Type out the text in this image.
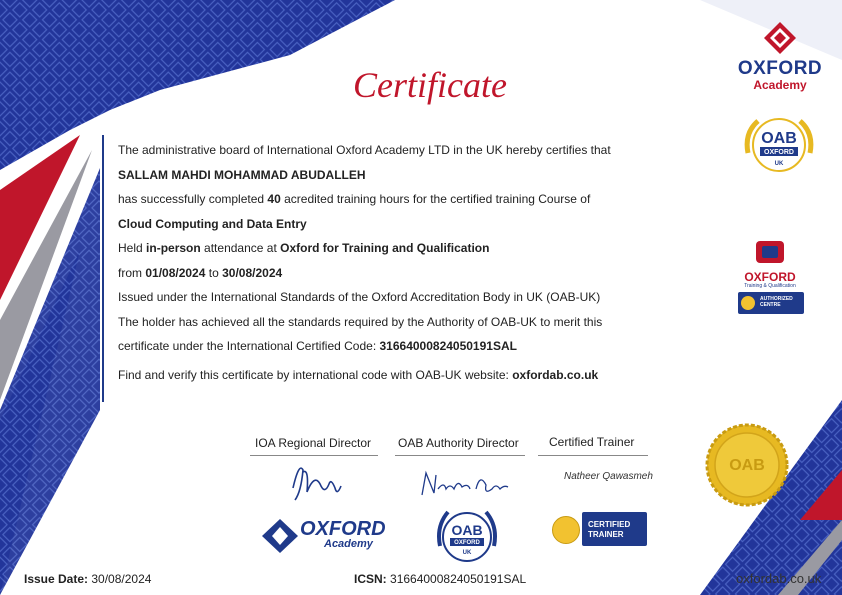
Certificate
The administrative board of International Oxford Academy LTD in the UK hereby certifies that
SALLAM MAHDI MOHAMMAD ABUDALLEH
has successfully completed 40 acredited training hours for the certified training Course of
Cloud Computing and Data Entry
Held in-person attendance at Oxford for Training and Qualification
from 01/08/2024 to 30/08/2024
Issued under the International Standards of the Oxford Accreditation Body in UK (OAB-UK)
The holder has achieved all the standards required by the Authority of OAB-UK to merit this
certificate under the International Certified Code: 31664000824050191SAL
Find and verify this certificate by international code with OAB-UK website: oxfordab.co.uk
OXFORD
Academy
OAB
OXFORD
UK
OXFORD
Training & Qualification
AUTHORIZED CENTRE
IOA Regional Director OAB Authority Director	Certified Trainer
Natheer Qawasmeh
OXFORD
Academy
OAB
OXFORD
UK
CERTIFIED
TRAINER
OAB
Issue Date: 30/08/2024	ICSN: 31664000824050191SAL	oxfordab.co.uk
